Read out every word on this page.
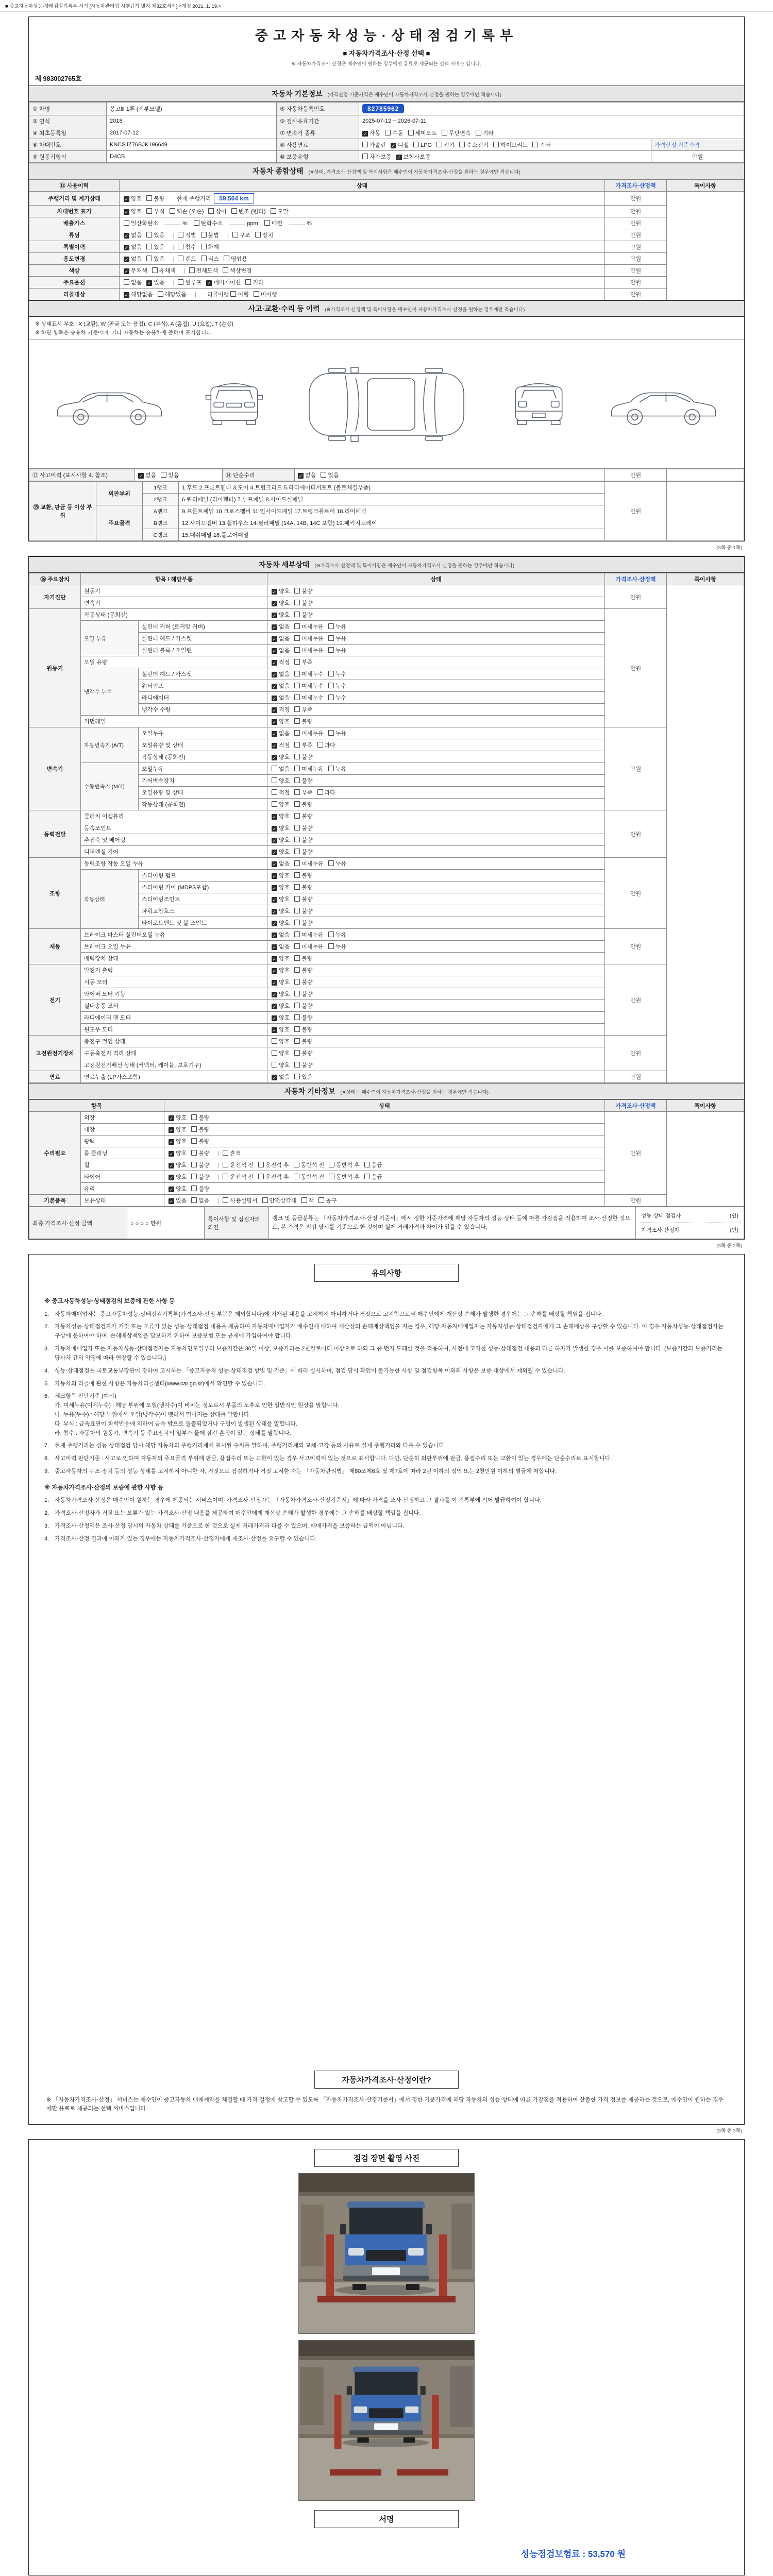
■ 중고자동차성능·상태점검기록부 서식 [자동차관리법 시행규칙 별지 제82호서식] <개정 2021. 1. 19.>
중고자동차성능·상태점검기록부
■ 자동차가격조사·산정 선택 ■
※ 자동차가격조사·산정은 매수인이 원하는 경우에만 유료로 제공되는 선택 서비스 입니다.
제 983002765호
자동차 기본정보 (가격산정 기준가격은 매수인이 자동차가격조사·산정을 원하는 경우에만 적습니다)
① 차명	봉고Ⅲ 1톤 (세부모델)	⑤ 자동차등록번호	82785962	
② 연식	2018	③ 검사유효기간	2025-07-12 ~ 2026-07-11	
④ 최초등록일	2017-07-12	⑦ 변속기 종류	✓ 자동 수동 세미오토 무단변속 기타	
⑥ 차대번호	KNCSJZ76BJK196649	⑧ 사용연료	가솔린 ✓ 디젤 LPG 전기 수소전기 하이브리드 기타	가격산정 기준가격
⑨ 원동기형식	D4CB	⑩ 보증유형	자가보증 ✓ 보험사보증	만원
자동차 종합상태 (※상태, 가격조사·산정액 및 특이사항은 매수인이 자동차가격조사·산정을 원하는 경우에만 적습니다)
⑪ 사용이력	상태	가격조사·산정액	특이사항
주행거리 및 계기상태	✓ 양호 불량 현재 주행거리 59,564 km	만원	
차대번호 표기	✓ 양호 부식 훼손 (오손) 상이 변조 (변타) 도말	만원	
배출가스	일산화탄소 % 탄화수소 ppm 매연 %	만원	
튜닝	✓ 없음 있음 | 적법 불법 | 구조 장치	만원	
특별이력	✓ 없음 있음 | 침수 화재	만원	
용도변경	✓ 없음 있음 | 렌트 리스 영업용	만원	
색상	✓ 무채색 유채색 | 전체도색 색상변경	만원	
주요옵션	없음 ✓ 있음 | 썬루프 ✓ 네비게이션 기타	만원	
리콜대상	✓ 해당없음 해당있음 | 리콜이행 이행 미이행	만원	
사고·교환·수리 등 이력 (※가격조사·산정액 및 특이사항은 매수인이 자동차가격조사·산정을 원하는 경우에만 적습니다)
※ 상태표시 부호 : X (교환), W (판금 또는 용접), C (부식), A (흠집), U (요철), T (손상)
※ 하단 항목은 승용차 기준이며, 기타 자동차는 승용차에 준하여 표시합니다.
⑬ 사고이력 (표시사항 4. 참조)	✓ 없음 있음	⑭ 단순수리	✓ 없음 있음	만원	
⑮ 교환, 판금 등 이상 부위	외판부위	1랭크	1.후드 2.프론트휀더 3.도어 4.트렁크리드 5.라디에이터서포트 (볼트체결부품)	만원	
		2랭크	6.쿼터패널 (리어휀더) 7.루프패널 8.사이드실패널		
	주요골격	A랭크	9.프론트패널 10.크로스멤버 11.인사이드패널 17.트렁크플로어 18.리어패널		
		B랭크	12.사이드멤버 13.휠하우스 14.필러패널 (14A, 14B, 14C 포함) 19.패키지트레이		
		C랭크	15.대쉬패널 16.플로어패널		
(3쪽 중 1쪽)
자동차 세부상태 (※가격조사·산정액 및 특이사항은 매수인이 자동차가격조사·산정을 원하는 경우에만 적습니다)
⑯ 주요장치	항목 / 해당부품		상태	가격조사·산정액	특이사항
자기진단	원동기		✓ 양호 불량	만원	
	변속기		✓ 양호 불량		
원동기	작동상태 (공회전)		✓ 양호 불량	만원	
	오일 누유	실린더 커버 (로커암 커버)	✓ 없음 미세누유 누유		
		실린더 헤드 / 가스켓	✓ 없음 미세누유 누유		
		실린더 블록 / 오일팬	✓ 없음 미세누유 누유		
	오일 유량		✓ 적정 부족		
	냉각수 누수	실린더 헤드 / 가스켓	✓ 없음 미세누수 누수		
		워터펌프	✓ 없음 미세누수 누수		
		라디에이터	✓ 없음 미세누수 누수		
		냉각수 수량	✓ 적정 부족		
	커먼레일		✓ 양호 불량		
변속기	자동변속기 (A/T)	오일누유	✓ 없음 미세누유 누유	만원	
		오일유량 및 상태	✓ 적정 부족 과다		
		작동상태 (공회전)	✓ 양호 불량		
	수동변속기 (M/T)	오일누유	없음 미세누유 누유		
		기어변속장치	양호 불량		
		오일유량 및 상태	적정 부족 과다		
		작동상태 (공회전)	양호 불량		
동력전달	클러치 어셈블리		✓ 양호 불량	만원	
	등속조인트		✓ 양호 불량		
	추진축 및 베어링		✓ 양호 불량		
	디퍼렌셜 기어		✓ 양호 불량		
조향	동력조향 작동 오일 누유		✓ 없음 미세누유 누유	만원	
	작동상태	스티어링 펌프	✓ 양호 불량		
		스티어링 기어 (MDPS포함)	✓ 양호 불량		
		스티어링조인트	✓ 양호 불량		
		파워고압호스	✓ 양호 불량		
		타이로드엔드 및 볼 조인트	✓ 양호 불량		
제동	브레이크 마스터 실린더오일 누유		✓ 없음 미세누유 누유	만원	
	브레이크 오일 누유		✓ 없음 미세누유 누유		
	배력장치 상태		✓ 양호 불량		
전기	발전기 출력		✓ 양호 불량	만원	
	시동 모터		✓ 양호 불량		
	와이퍼 모터 기능		✓ 양호 불량		
	실내송풍 모터		✓ 양호 불량		
	라디에이터 팬 모터		✓ 양호 불량		
	윈도우 모터		✓ 양호 불량		
고전원전기장치	충전구 절연 상태		양호 불량	만원	
	구동축전지 격리 상태		양호 불량		
	고전원전기배선 상태 (커넥터, 케이블, 보호기구)		양호 불량		
연료	연료누출 (LP가스포함)		✓ 없음 있음	만원	
자동차 기타정보 (※상태는 매수인이 자동차가격조사·산정을 원하는 경우에만 적습니다)
항목		상태	가격조사·산정액	특이사항
수리필요	외장	✓ 양호 불량	만원	
	내장	✓ 양호 불량		
	광택	✓ 양호 불량		
	룸 클리닝	✓ 양호 불량 | 흔적		
	휠	✓ 양호 불량 | 운전석 전 운전석 후 동반석 전 동반석 후 응급		
	타이어	✓ 양호 불량 | 운전석 전 운전석 후 동반석 전 동반석 후 응급		
	유리	✓ 양호 불량		
기본품목	보유상태	✓ 있음 없음 | 사용설명서 안전삼각대 잭 공구	만원	
최종 가격조사·산정 금액	○ ○ ○ ○ 만원	특이사항 및 점검자의 의견	랭크 및 등급분류는 「자동차가격조사·산정 기준서」에서 정한 기준가격에 해당 자동차의 성능·상태 등에 따른 가감점을 적용하여 조사·산정한 것으로, 본 가격은 점검 당시를 기준으로 한 것이며 실제 거래가격과 차이가 있을 수 있습니다.	
성능·상태 점검자	(인)
가격조사·산정자	(인)
(3쪽 중 2쪽)
유의사항
※ 중고자동차성능·상태점검의 보증에 관한 사항 등
1. 자동차매매업자는 중고자동차성능·상태점검기록부(가격조사·산정 부분은 제외합니다)에 기재된 내용을 고지하지 아니하거나 거짓으로 고지함으로써 매수인에게 재산상 손해가 발생한 경우에는 그 손해를 배상할 책임을 집니다.
2. 자동차성능·상태점검자가 거짓 또는 오류가 있는 성능·상태점검 내용을 제공하여 자동차매매업자가 매수인에 대하여 재산상의 손해배상책임을 지는 경우, 해당 자동차매매업자는 자동차성능·상태점검자에게 그 손해배상을 구상할 수 있습니다. 이 경우 자동차성능·상태점검자는 구상에 응하여야 하며, 손해배상책임을 담보하기 위하여 보증보험 또는 공제에 가입하여야 합니다.
3. 자동차매매업자 또는 자동차성능·상태점검자는 자동차인도일부터 보증기간은 30일 이상, 보증거리는 2천킬로미터 이상으로 하되 그 중 먼저 도래한 것을 적용하여, 사전에 고지한 성능·상태점검 내용과 다른 하자가 발생한 경우 이를 보증하여야 합니다. (보증기간과 보증거리는 당사자 간의 약정에 따라 연장할 수 있습니다.)
4. 성능·상태점검은 국토교통부장관이 정하여 고시하는 「중고자동차 성능·상태점검 방법 및 기준」에 따라 실시하며, 점검 당시 확인이 불가능한 사항 및 점검항목 이외의 사항은 보증 대상에서 제외될 수 있습니다.
5. 자동차의 리콜에 관한 사항은 자동차리콜센터(www.car.go.kr)에서 확인할 수 있습니다.
6. 체크항목 판단기준 (예시)
가. 미세누유(미세누수) : 해당 부위에 오일(냉각수)이 비치는 정도로서 부품의 노후로 인한 일반적인 현상을 말합니다.
나. 누유(누수) : 해당 부위에서 오일(냉각수)이 맺혀서 떨어지는 상태를 말합니다.
다. 부식 : 금속표면이 화학반응에 의하여 금속 밖으로 돌출되었거나 구멍이 발생된 상태를 말합니다.
라. 침수 : 자동차의 원동기, 변속기 등 주요장치의 일부가 물에 잠긴 흔적이 있는 상태를 말합니다.
7. 현재 주행거리는 성능·상태점검 당시 해당 자동차의 주행거리계에 표시된 수치를 말하며, 주행거리계의 교체·고장 등의 사유로 실제 주행거리와 다를 수 있습니다.
8. 사고이력 판단기준 : 사고로 인하여 자동차의 주요골격 부위에 판금, 용접수리 또는 교환이 있는 경우 사고이력이 있는 것으로 표시합니다. 다만, 단순히 외판부위에 판금, 용접수리 또는 교환이 있는 경우에는 단순수리로 표시합니다.
9. 중고자동차의 구조·장치 등의 성능·상태를 고지하지 아니한 자, 거짓으로 점검하거나 거짓 고지한 자는 「자동차관리법」 제80조제6호 및 제7호에 따라 2년 이하의 징역 또는 2천만원 이하의 벌금에 처합니다.
※ 자동차가격조사·산정의 보증에 관한 사항 등
1. 자동차가격조사·산정은 매수인이 원하는 경우에 제공되는 서비스이며, 가격조사·산정자는 「자동차가격조사·산정기준서」에 따라 가격을 조사·산정하고 그 결과를 이 기록부에 적어 발급하여야 합니다.
2. 가격조사·산정자가 거짓 또는 오류가 있는 가격조사·산정 내용을 제공하여 매수인에게 재산상 손해가 발생한 경우에는 그 손해를 배상할 책임을 집니다.
3. 가격조사·산정액은 조사·산정 당시의 자동차 상태를 기준으로 한 것으로 실제 거래가격과 다를 수 있으며, 매매가격을 보증하는 금액이 아닙니다.
4. 가격조사·산정 결과에 이의가 있는 경우에는 자동차가격조사·산정자에게 재조사·산정을 요구할 수 있습니다.
자동차가격조사·산정이란?
※ 「자동차가격조사·산정」 서비스는 매수인이 중고자동차 매매계약을 체결할 때 가격 결정에 참고할 수 있도록 「자동차가격조사·산정기준서」에서 정한 기준가격에 해당 자동차의 성능·상태에 따른 가감점을 적용하여 산출한 가격 정보를 제공하는 것으로, 매수인이 원하는 경우에만 유료로 제공되는 선택 서비스입니다.
(3쪽 중 3쪽)
점검 장면 촬영 사진
서명
성능점검보험료 : 53,570 원
